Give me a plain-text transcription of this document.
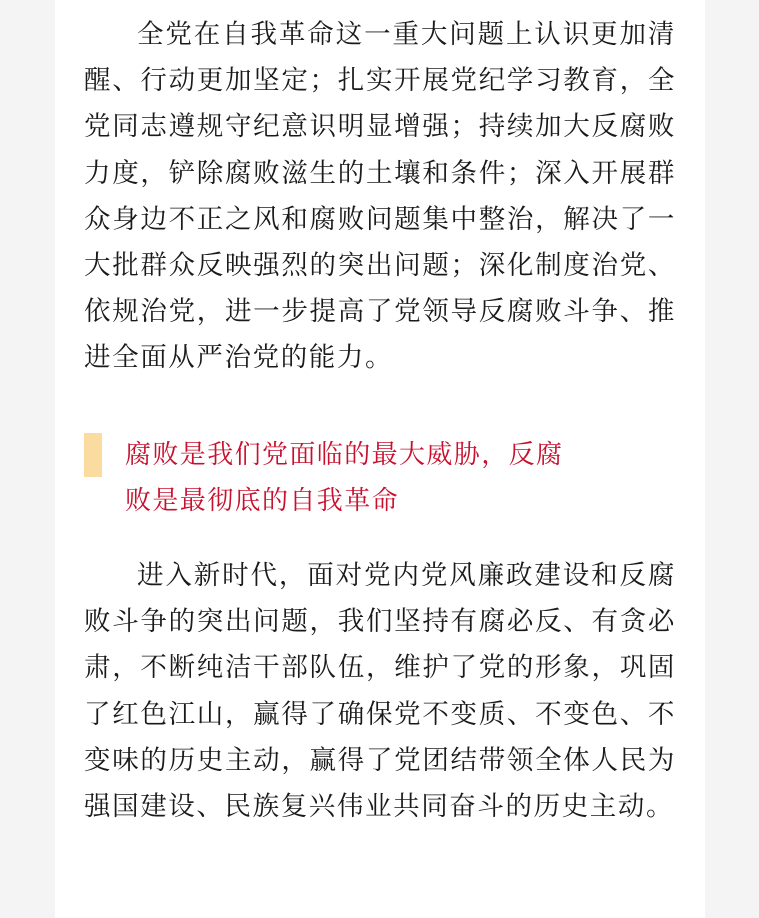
全党在自我革命这一重大问题上认识更加清醒、行动更加坚定；扎实开展党纪学习教育，全党同志遵规守纪意识明显增强；持续加大反腐败力度，铲除腐败滋生的土壤和条件；深入开展群众身边不正之风和腐败问题集中整治，解决了一大批群众反映强烈的突出问题；深化制度治党、依规治党，进一步提高了党领导反腐败斗争、推进全面从严治党的能力。

腐败是我们党面临的最大威胁，反腐败是最彻底的自我革命

进入新时代，面对党内党风廉政建设和反腐败斗争的突出问题，我们坚持有腐必反、有贪必肃，不断纯洁干部队伍，维护了党的形象，巩固了红色江山，赢得了确保党不变质、不变色、不变味的历史主动，赢得了党团结带领全体人民为强国建设、民族复兴伟业共同奋斗的历史主动。
